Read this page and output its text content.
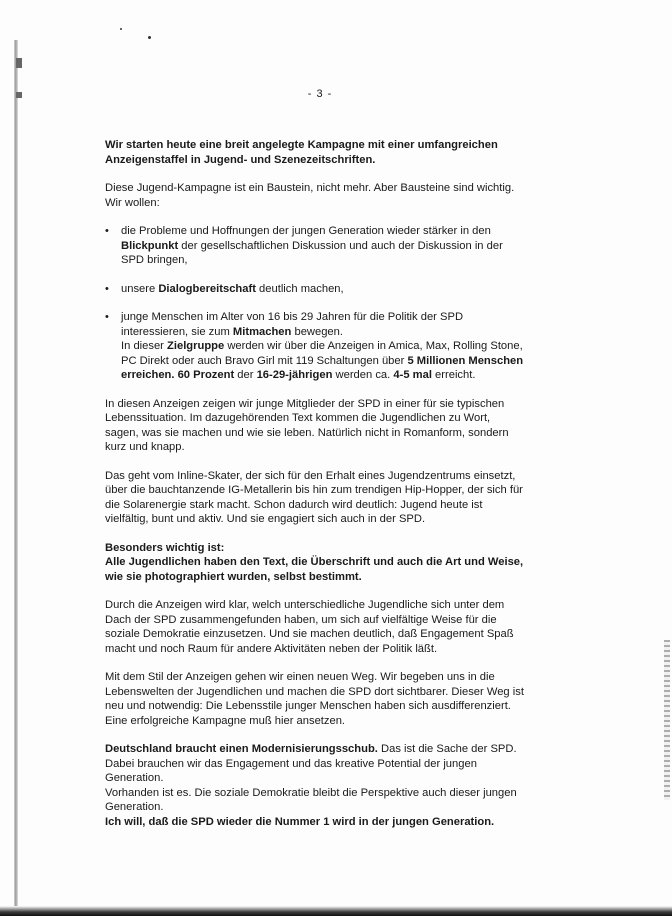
- 3 -

Wir starten heute eine breit angelegte Kampagne mit einer umfangreichen Anzeigenstaffel in Jugend- und Szenezeitschriften.

Diese Jugend-Kampagne ist ein Baustein, nicht mehr. Aber Bausteine sind wichtig. Wir wollen:

• die Probleme und Hoffnungen der jungen Generation wieder stärker in den Blickpunkt der gesellschaftlichen Diskussion und auch der Diskussion in der SPD bringen,
• unsere Dialogbereitschaft deutlich machen,
• junge Menschen im Alter von 16 bis 29 Jahren für die Politik der SPD interessieren, sie zum Mitmachen bewegen.
In dieser Zielgruppe werden wir über die Anzeigen in Amica, Max, Rolling Stone, PC Direkt oder auch Bravo Girl mit 119 Schaltungen über 5 Millionen Menschen erreichen. 60 Prozent der 16-29-jährigen werden ca. 4-5 mal erreicht.

In diesen Anzeigen zeigen wir junge Mitglieder der SPD in einer für sie typischen Lebenssituation. Im dazugehörenden Text kommen die Jugendlichen zu Wort, sagen, was sie machen und wie sie leben. Natürlich nicht in Romanform, sondern kurz und knapp.

Das geht vom Inline-Skater, der sich für den Erhalt eines Jugendzentrums einsetzt, über die bauchtanzende IG-Metallerin bis hin zum trendigen Hip-Hopper, der sich für die Solarenergie stark macht. Schon dadurch wird deutlich: Jugend heute ist vielfältig, bunt und aktiv. Und sie engagiert sich auch in der SPD.

Besonders wichtig ist:

Alle Jugendlichen haben den Text, die Überschrift und auch die Art und Weise, wie sie photographiert wurden, selbst bestimmt.

Durch die Anzeigen wird klar, welch unterschiedliche Jugendliche sich unter dem Dach der SPD zusammengefunden haben, um sich auf vielfältige Weise für die soziale Demokratie einzusetzen. Und sie machen deutlich, daß Engagement Spaß macht und noch Raum für andere Aktivitäten neben der Politik läßt.

Mit dem Stil der Anzeigen gehen wir einen neuen Weg. Wir begeben uns in die Lebenswelten der Jugendlichen und machen die SPD dort sichtbarer. Dieser Weg ist neu und notwendig: Die Lebensstile junger Menschen haben sich ausdifferenziert. Eine erfolgreiche Kampagne muß hier ansetzen.

Deutschland braucht einen Modernisierungsschub. Das ist die Sache der SPD. Dabei brauchen wir das Engagement und das kreative Potential der jungen Generation.

Vorhanden ist es. Die soziale Demokratie bleibt die Perspektive auch dieser jungen Generation.

Ich will, daß die SPD wieder die Nummer 1 wird in der jungen Generation.
